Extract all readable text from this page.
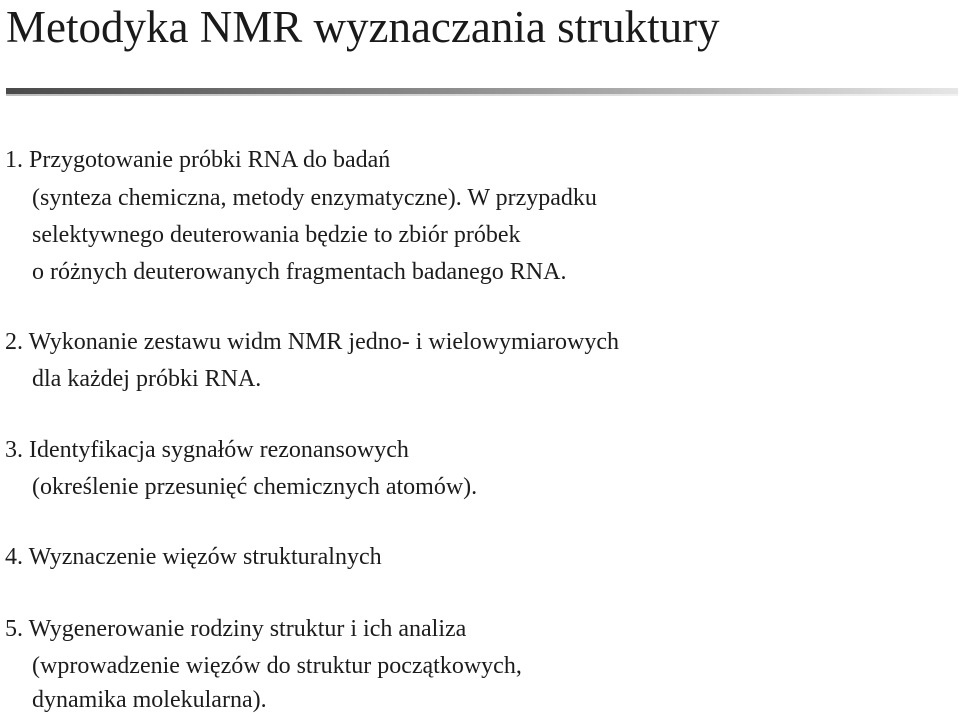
Metodyka NMR wyznaczania struktury

1. Przygotowanie próbki RNA do badań

(synteza chemiczna, metody enzymatyczne). W przypadku

selektywnego deuterowania będzie to zbiór próbek

o różnych deuterowanych fragmentach badanego RNA.

2. Wykonanie zestawu widm NMR jedno- i wielowymiarowych

dla każdej próbki RNA.

3. Identyfikacja sygnałów rezonansowych

(określenie przesunięć chemicznych atomów).

4. Wyznaczenie więzów strukturalnych

5. Wygenerowanie rodziny struktur i ich analiza

(wprowadzenie więzów do struktur początkowych,

dynamika molekularna).
